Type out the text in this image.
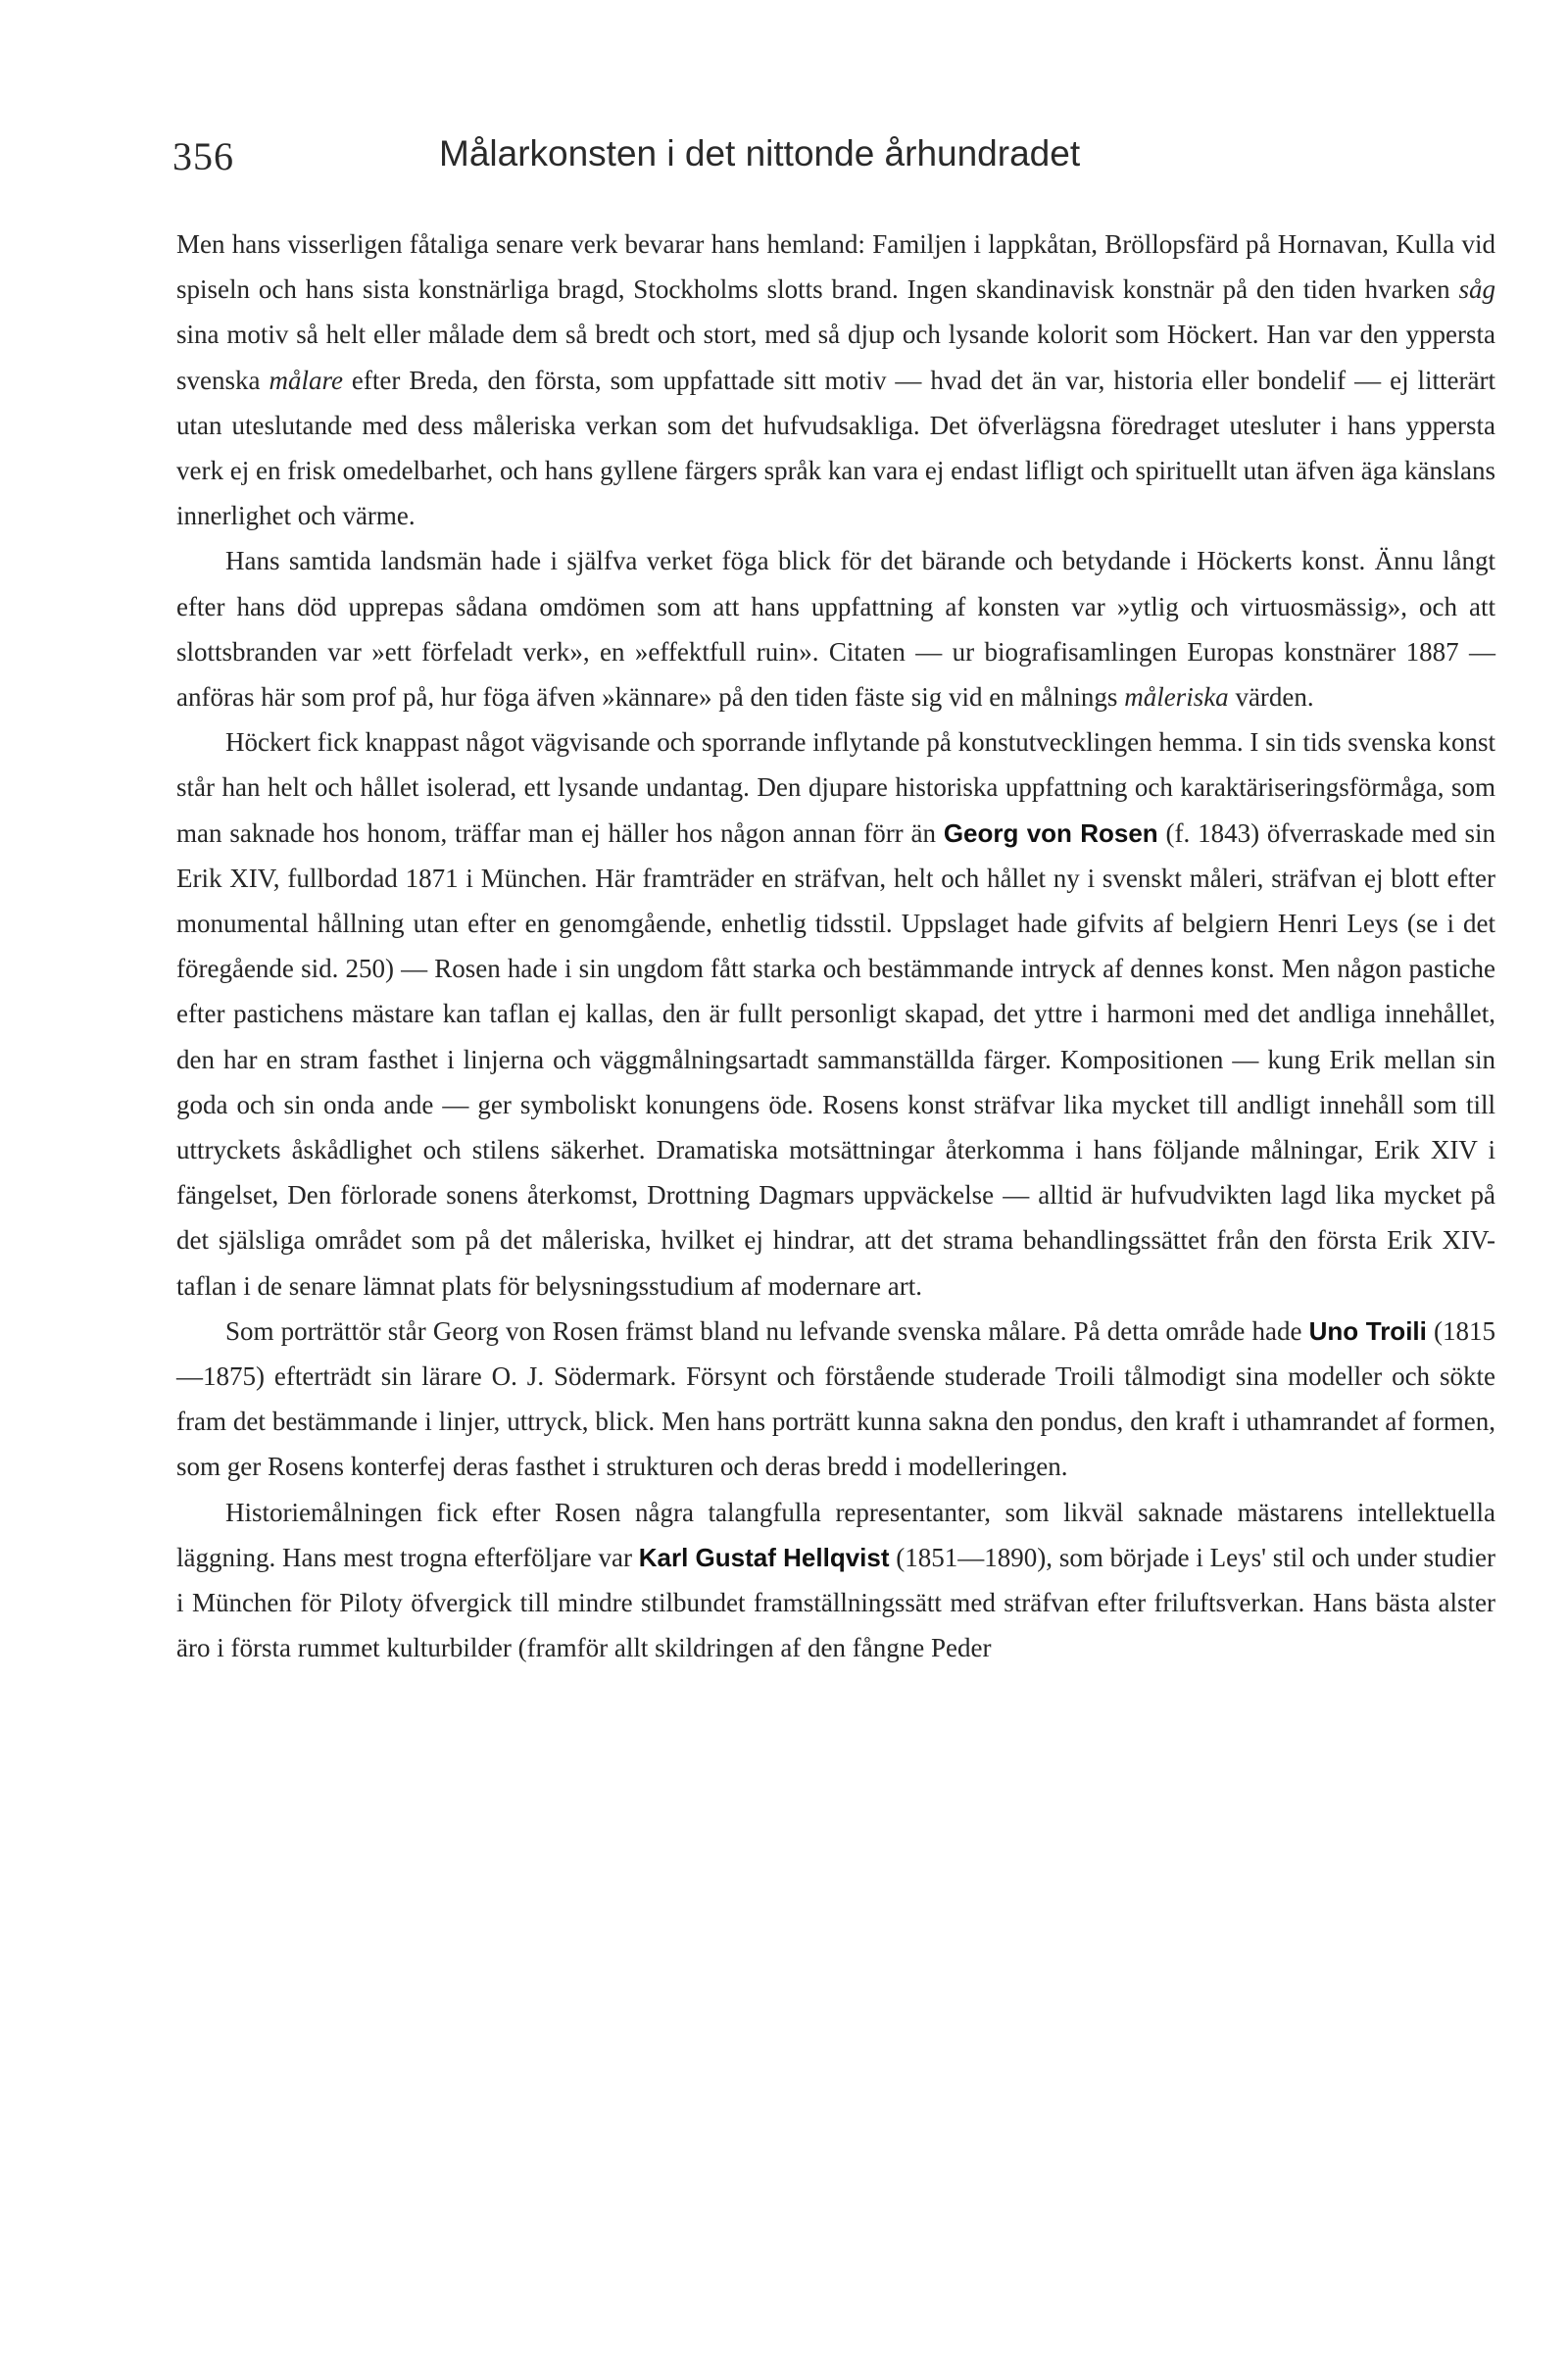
356	Målarkonsten i det nittonde århundradet

Men hans visserligen fåtaliga senare verk bevarar hans hemland: Familjen i lappkåtan, Bröllopsfärd på Hornavan, Kulla vid spiseln och hans sista konstnärliga bragd, Stockholms slotts brand. Ingen skandinavisk konstnär på den tiden hvarken såg sina motiv så helt eller målade dem så bredt och stort, med så djup och lysande kolorit som Höckert. Han var den yppersta svenska målare efter Breda, den första, som uppfattade sitt motiv — hvad det än var, historia eller bondelif — ej litterärt utan uteslutande med dess måleriska verkan som det hufvudsakliga. Det öfverlägsna föredraget utesluter i hans yppersta verk ej en frisk omedelbarhet, och hans gyllene färgers språk kan vara ej endast lifligt och spirituellt utan äfven äga känslans innerlighet och värme.

Hans samtida landsmän hade i själfva verket föga blick för det bärande och betydande i Höckerts konst. Ännu långt efter hans död upprepas sådana omdömen som att hans uppfattning af konsten var »ytlig och virtuosmässig», och att slottsbranden var »ett förfeladt verk», en »effektfull ruin». Citaten — ur biografisamlingen Europas konstnärer 1887 — anföras här som prof på, hur föga äfven »kännare» på den tiden fäste sig vid en målnings måleriska värden.

Höckert fick knappast något vägvisande och sporrande inflytande på konstutvecklingen hemma. I sin tids svenska konst står han helt och hållet isolerad, ett lysande undantag. Den djupare historiska uppfattning och karaktäriseringsförmåga, som man saknade hos honom, träffar man ej häller hos någon annan förr än Georg von Rosen (f. 1843) öfverraskade med sin Erik XIV, fullbordad 1871 i München. Här framträder en sträfvan, helt och hållet ny i svenskt måleri, sträfvan ej blott efter monumental hållning utan efter en genomgående, enhetlig tidsstil. Uppslaget hade gifvits af belgiern Henri Leys (se i det föregående sid. 250) — Rosen hade i sin ungdom fått starka och bestämmande intryck af dennes konst. Men någon pastiche efter pastichens mästare kan taflan ej kallas, den är fullt personligt skapad, det yttre i harmoni med det andliga innehållet, den har en stram fasthet i linjerna och väggmålningsartadt sammanställda färger. Kompositionen — kung Erik mellan sin goda och sin onda ande — ger symboliskt konungens öde. Rosens konst sträfvar lika mycket till andligt innehåll som till uttryckets åskådlighet och stilens säkerhet. Dramatiska motsättningar återkomma i hans följande målningar, Erik XIV i fängelset, Den förlorade sonens återkomst, Drottning Dagmars uppväckelse — alltid är hufvudvikten lagd lika mycket på det själsliga området som på det måleriska, hvilket ej hindrar, att det strama behandlingssättet från den första Erik XIV-taflan i de senare lämnat plats för belysningsstudium af modernare art.

Som porträttör står Georg von Rosen främst bland nu lefvande svenska målare. På detta område hade Uno Troili (1815—1875) efterträdt sin lärare O. J. Södermark. Försynt och förstående studerade Troili tålmodigt sina modeller och sökte fram det bestämmande i linjer, uttryck, blick. Men hans porträtt kunna sakna den pondus, den kraft i uthamrandet af formen, som ger Rosens konterfej deras fasthet i strukturen och deras bredd i modelleringen.

Historiemålningen fick efter Rosen några talangfulla representanter, som likväl saknade mästarens intellektuella läggning. Hans mest trogna efterföljare var Karl Gustaf Hellqvist (1851—1890), som började i Leys' stil och under studier i München för Piloty öfvergick till mindre stilbundet framställningssätt med sträfvan efter friluftsverkan. Hans bästa alster äro i första rummet kulturbilder (framför allt skildringen af den fångne Peder
